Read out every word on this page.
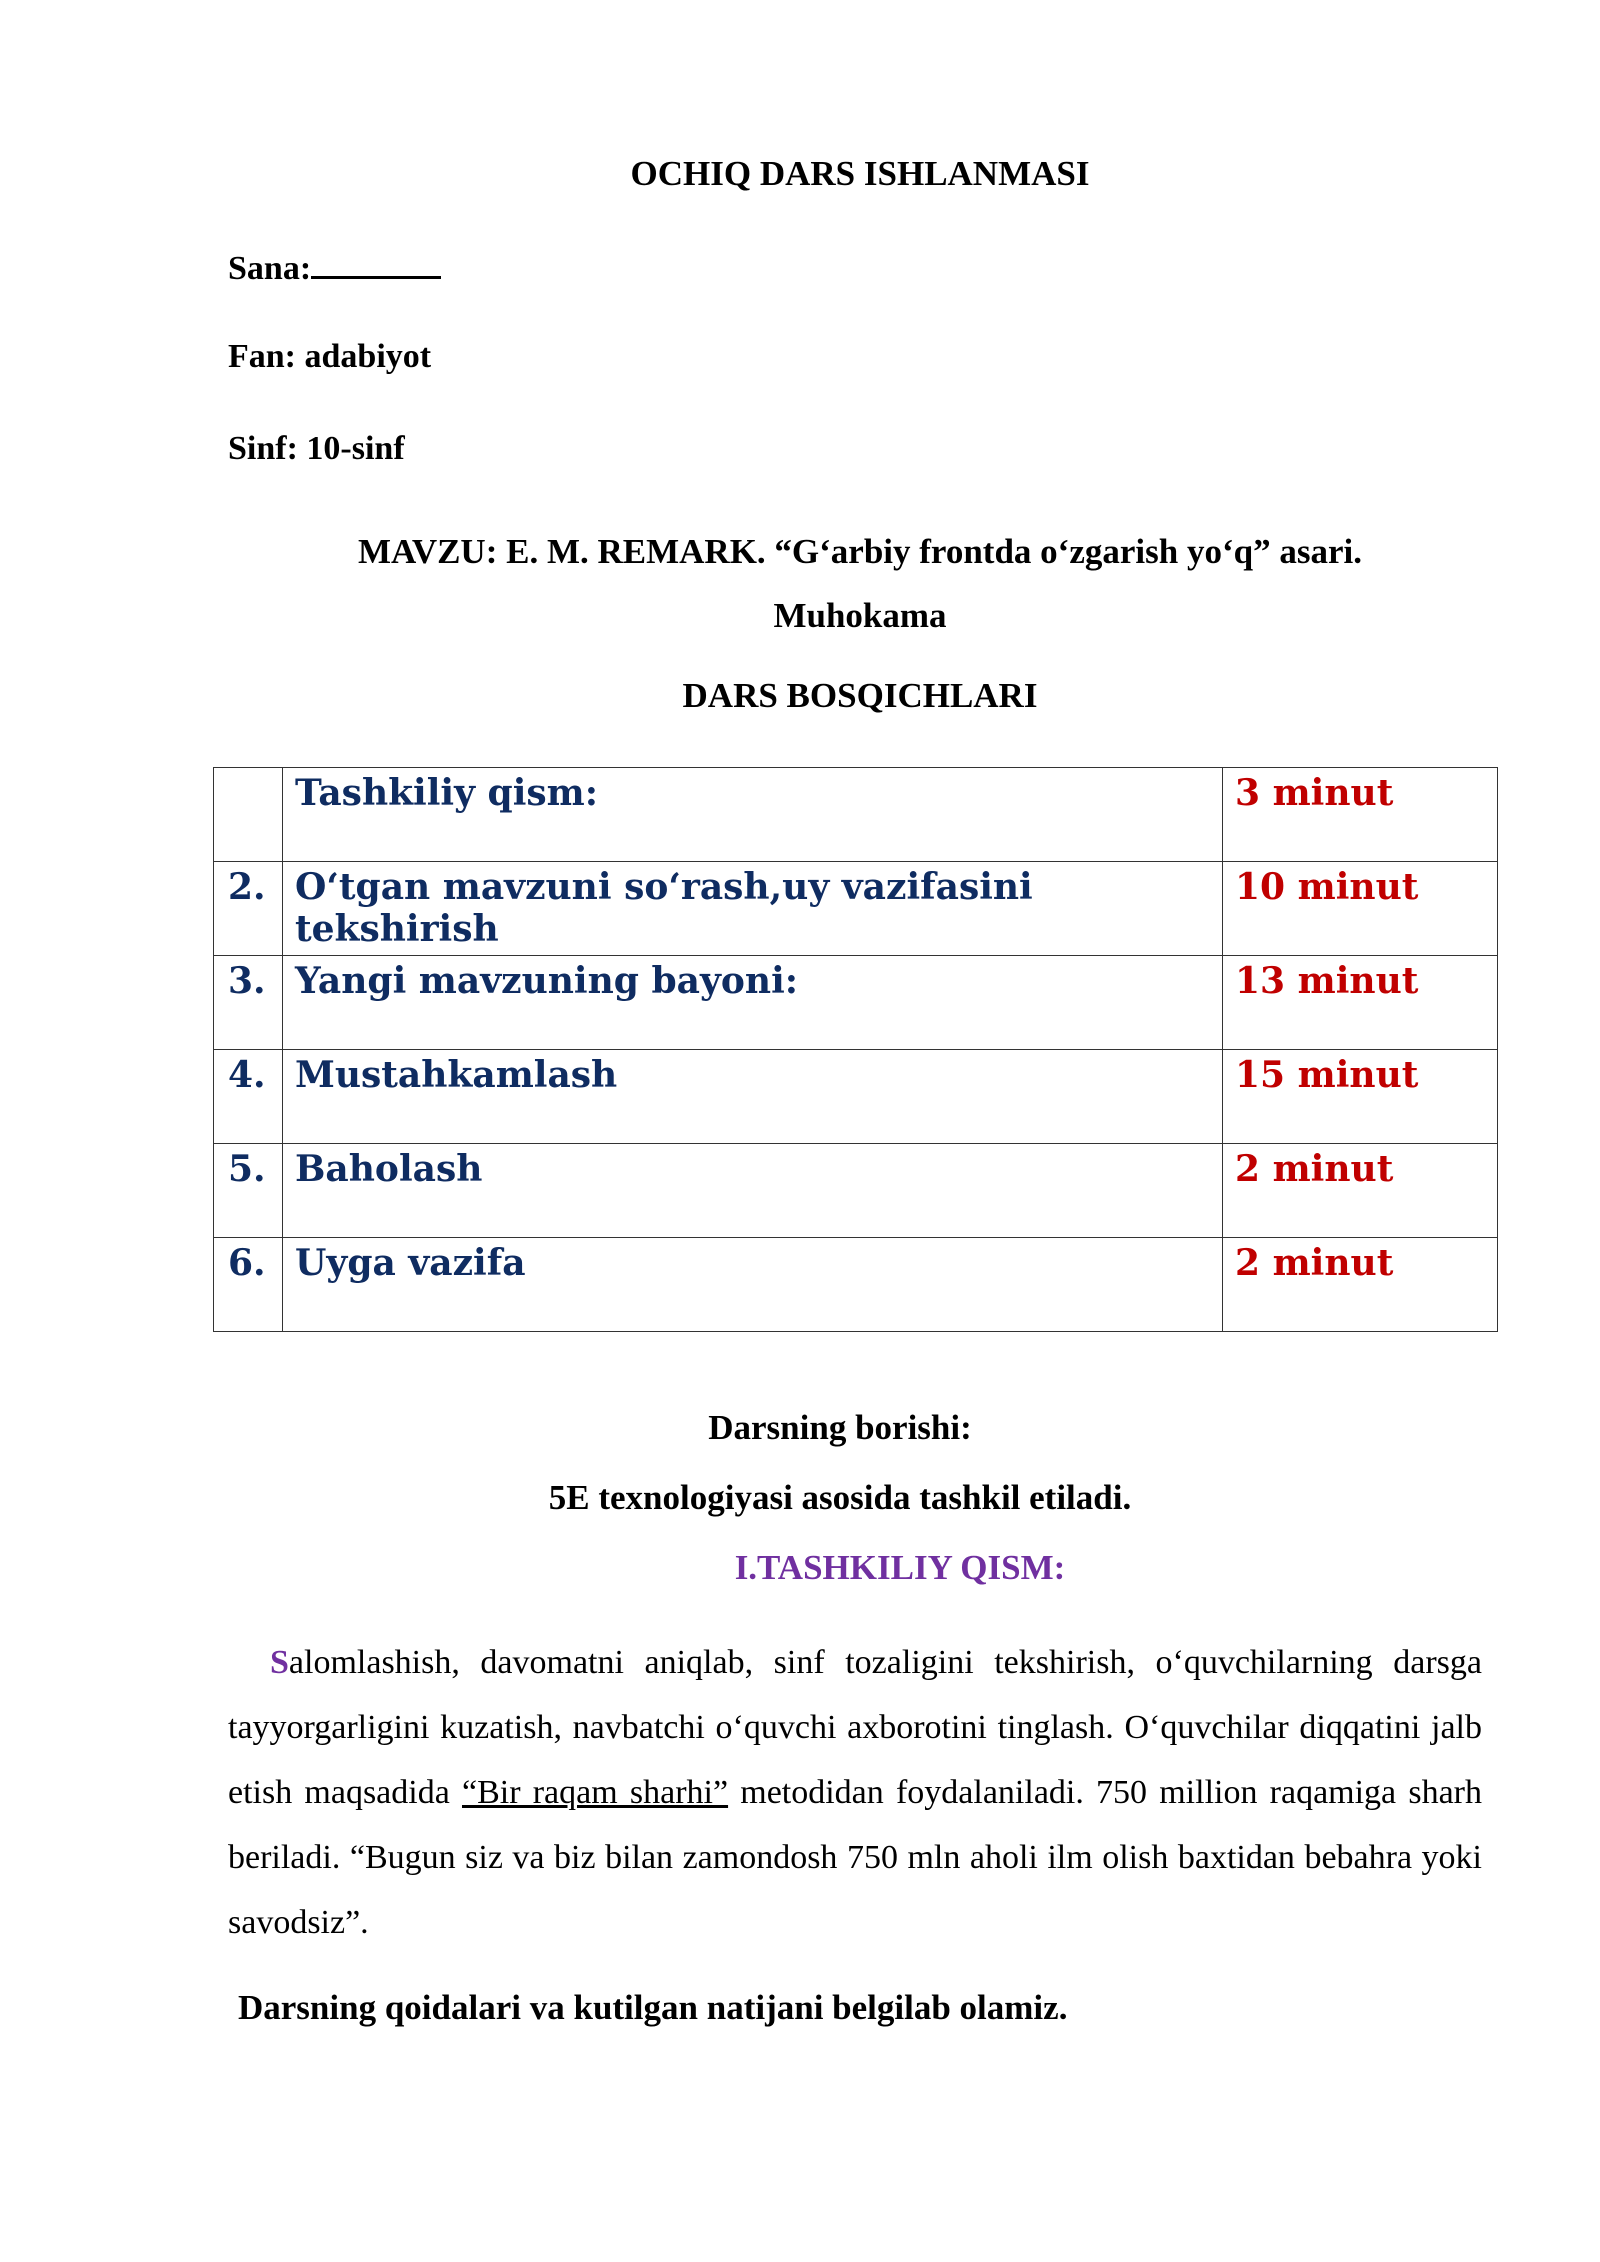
OCHIQ DARS ISHLANMASI
Sana:
Fan: adabiyot
Sinf: 10-sinf
MAVZU: E. M. REMARK. “G‘arbiy frontda o‘zgarish yo‘q” asari.
Muhokama
DARS BOSQICHLARI
	Tashkiliy qism:	3 minut
2.	O‘tgan mavzuni so‘rash,uy vazifasini tekshirish	10 minut
3.	Yangi mavzuning bayoni:	13 minut
4.	Mustahkamlash	15 minut
5.	Baholash	2 minut
6.	Uyga vazifa	2 minut
Darsning borishi:
5E texnologiyasi asosida tashkil etiladi.
I.TASHKILIY QISM:
Salomlashish, davomatni aniqlab, sinf tozaligini tekshirish, o‘quvchilarning darsga tayyorgarligini kuzatish, navbatchi o‘quvchi axborotini tinglash. O‘quvchilar diqqatini jalb etish maqsadida “Bir raqam sharhi” metodidan foydalaniladi. 750 million raqamiga sharh beriladi. “Bugun siz va biz bilan zamondosh 750 mln aholi ilm olish baxtidan bebahra yoki savodsiz”.
Darsning qoidalari va kutilgan natijani belgilab olamiz.
